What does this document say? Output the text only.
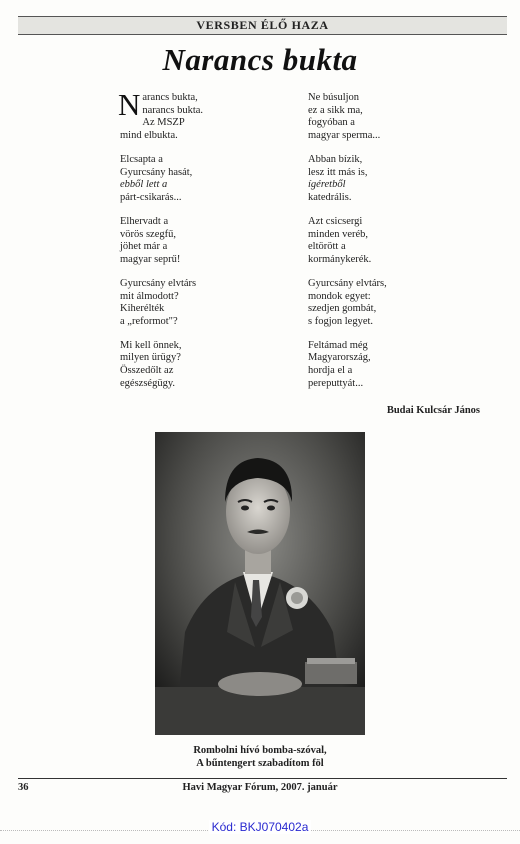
VERSBEN ÉLŐ HAZA
Narancs bukta
N arancs bukta,
narancs bukta.
Az MSZP
mind elbukta.
Elcsapta a
Gyurcsány hasát,
ebből lett a
párt-csikarás...
Elhervadt a
vörös szegfű,
jöhet már a
magyar seprű!
Gyurcsány elvtárs
mit álmodott?
Kiherélték
a „reformot"?
Mi kell önnek,
milyen ürügy?
Összedőlt az
egészségügy.
Ne búsuljon
ez a sikk ma,
fogyóban a
magyar sperma...
Abban bízik,
lesz itt más is,
ígéretből
katedrális.
Azt csicsergi
minden veréb,
eltörött a
kormánykerék.
Gyurcsány elvtárs,
mondok egyet:
szedjen gombát,
s fogjon legyet.
Feltámad még
Magyarország,
hordja el a
pereputtyát...
Budai Kulcsár János
Rombolni hívó bomba-szóval,
A bűntengert szabadítom föl
36	Havi Magyar Fórum, 2007. január
Kód: BKJ070402a
